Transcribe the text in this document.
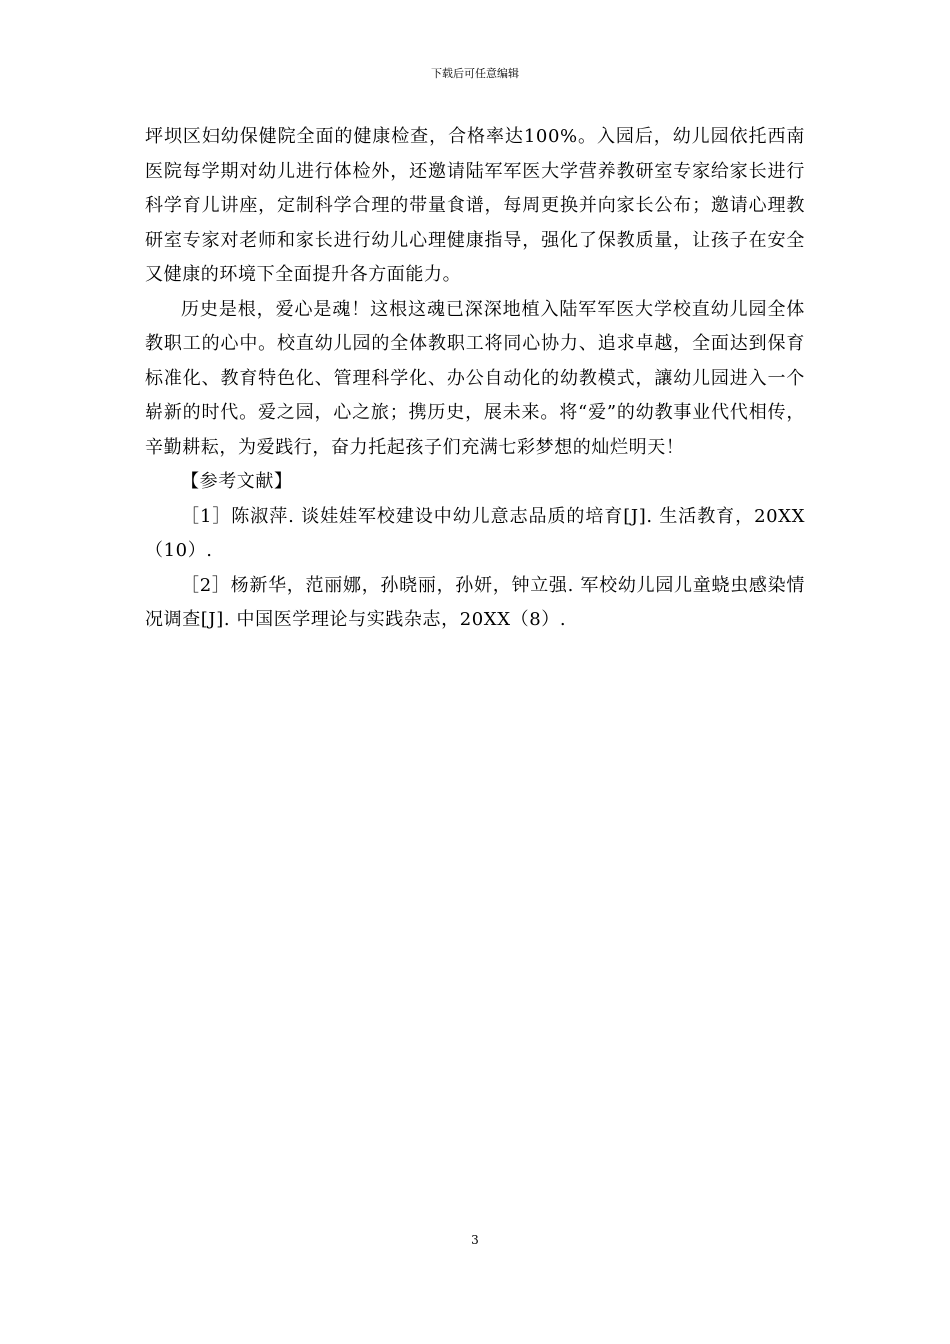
下载后可任意编辑

坪坝区妇幼保健院全面的健康检查，合格率达100%。入园后，幼儿园依托西南医院每学期对幼儿进行体检外，还邀请陆军军医大学营养教研室专家给家长进行科学育儿讲座，定制科学合理的带量食谱，每周更换并向家长公布；邀请心理教研室专家对老师和家长进行幼儿心理健康指导，强化了保教质量，让孩子在安全又健康的环境下全面提升各方面能力。

历史是根，爱心是魂！这根这魂已深深地植入陆军军医大学校直幼儿园全体教职工的心中。校直幼儿园的全体教职工将同心协力、追求卓越，全面达到保育标准化、教育特色化、管理科学化、办公自动化的幼教模式，讓幼儿园进入一个崭新的时代。爱之园，心之旅；携历史，展未来。将“爱”的幼教事业代代相传，辛勤耕耘，为爱践行，奋力托起孩子们充满七彩梦想的灿烂明天！

【参考文献】

［1］陈淑萍. 谈娃娃军校建设中幼儿意志品质的培育[J]. 生活教育，20XX（10）.

［2］杨新华，范丽娜，孙晓丽，孙妍，钟立强. 军校幼儿园儿童蛲虫感染情况调查[J]. 中国医学理论与实践杂志，20XX（8）.

3
